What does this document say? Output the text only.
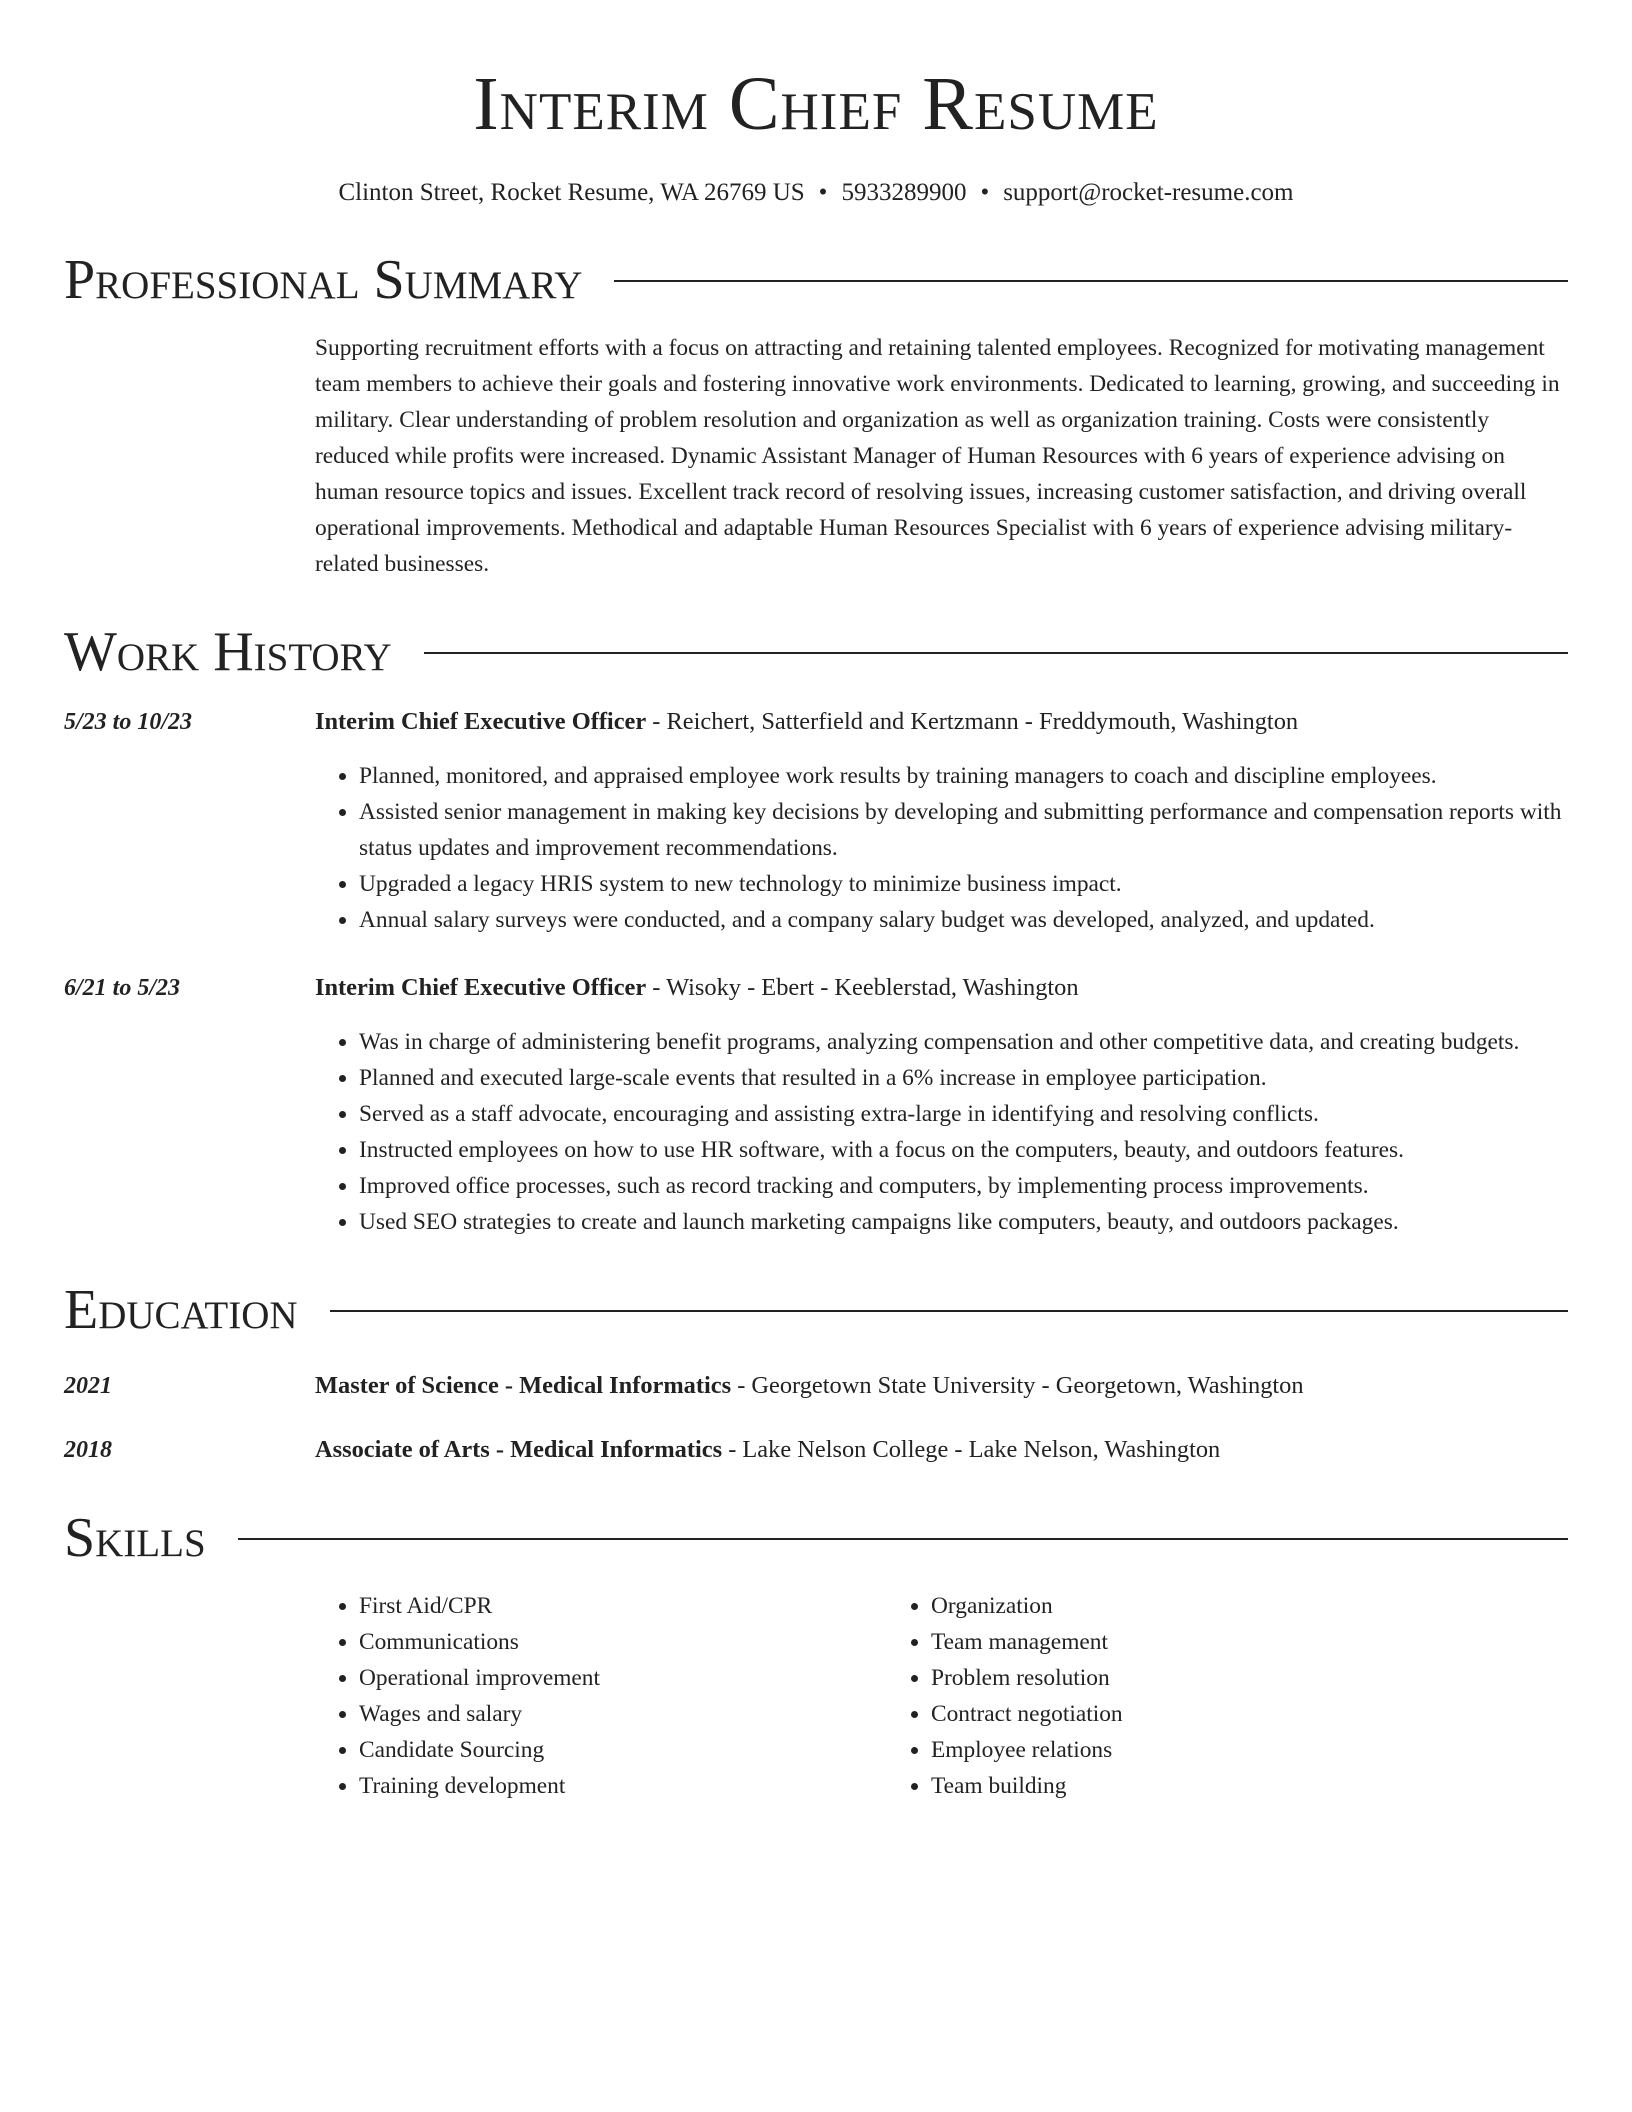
Interim Chief Resume
Clinton Street, Rocket Resume, WA 26769 US • 5933289900 • support@rocket-resume.com
Professional Summary
Supporting recruitment efforts with a focus on attracting and retaining talented employees. Recognized for motivating management team members to achieve their goals and fostering innovative work environments. Dedicated to learning, growing, and succeeding in military. Clear understanding of problem resolution and organization as well as organization training. Costs were consistently reduced while profits were increased. Dynamic Assistant Manager of Human Resources with 6 years of experience advising on human resource topics and issues. Excellent track record of resolving issues, increasing customer satisfaction, and driving overall operational improvements. Methodical and adaptable Human Resources Specialist with 6 years of experience advising military-related businesses.
Work History
5/23 to 10/23	Interim Chief Executive Officer - Reichert, Satterfield and Kertzmann - Freddymouth, Washington
• Planned, monitored, and appraised employee work results by training managers to coach and discipline employees.
• Assisted senior management in making key decisions by developing and submitting performance and compensation reports with status updates and improvement recommendations.
• Upgraded a legacy HRIS system to new technology to minimize business impact.
• Annual salary surveys were conducted, and a company salary budget was developed, analyzed, and updated.
6/21 to 5/23	Interim Chief Executive Officer - Wisoky - Ebert - Keeblerstad, Washington
• Was in charge of administering benefit programs, analyzing compensation and other competitive data, and creating budgets.
• Planned and executed large-scale events that resulted in a 6% increase in employee participation.
• Served as a staff advocate, encouraging and assisting extra-large in identifying and resolving conflicts.
• Instructed employees on how to use HR software, with a focus on the computers, beauty, and outdoors features.
• Improved office processes, such as record tracking and computers, by implementing process improvements.
• Used SEO strategies to create and launch marketing campaigns like computers, beauty, and outdoors packages.
Education
2021	Master of Science - Medical Informatics - Georgetown State University - Georgetown, Washington
2018	Associate of Arts - Medical Informatics - Lake Nelson College - Lake Nelson, Washington
Skills
• First Aid/CPR
• Communications
• Operational improvement
• Wages and salary
• Candidate Sourcing
• Training development
• Organization
• Team management
• Problem resolution
• Contract negotiation
• Employee relations
• Team building
